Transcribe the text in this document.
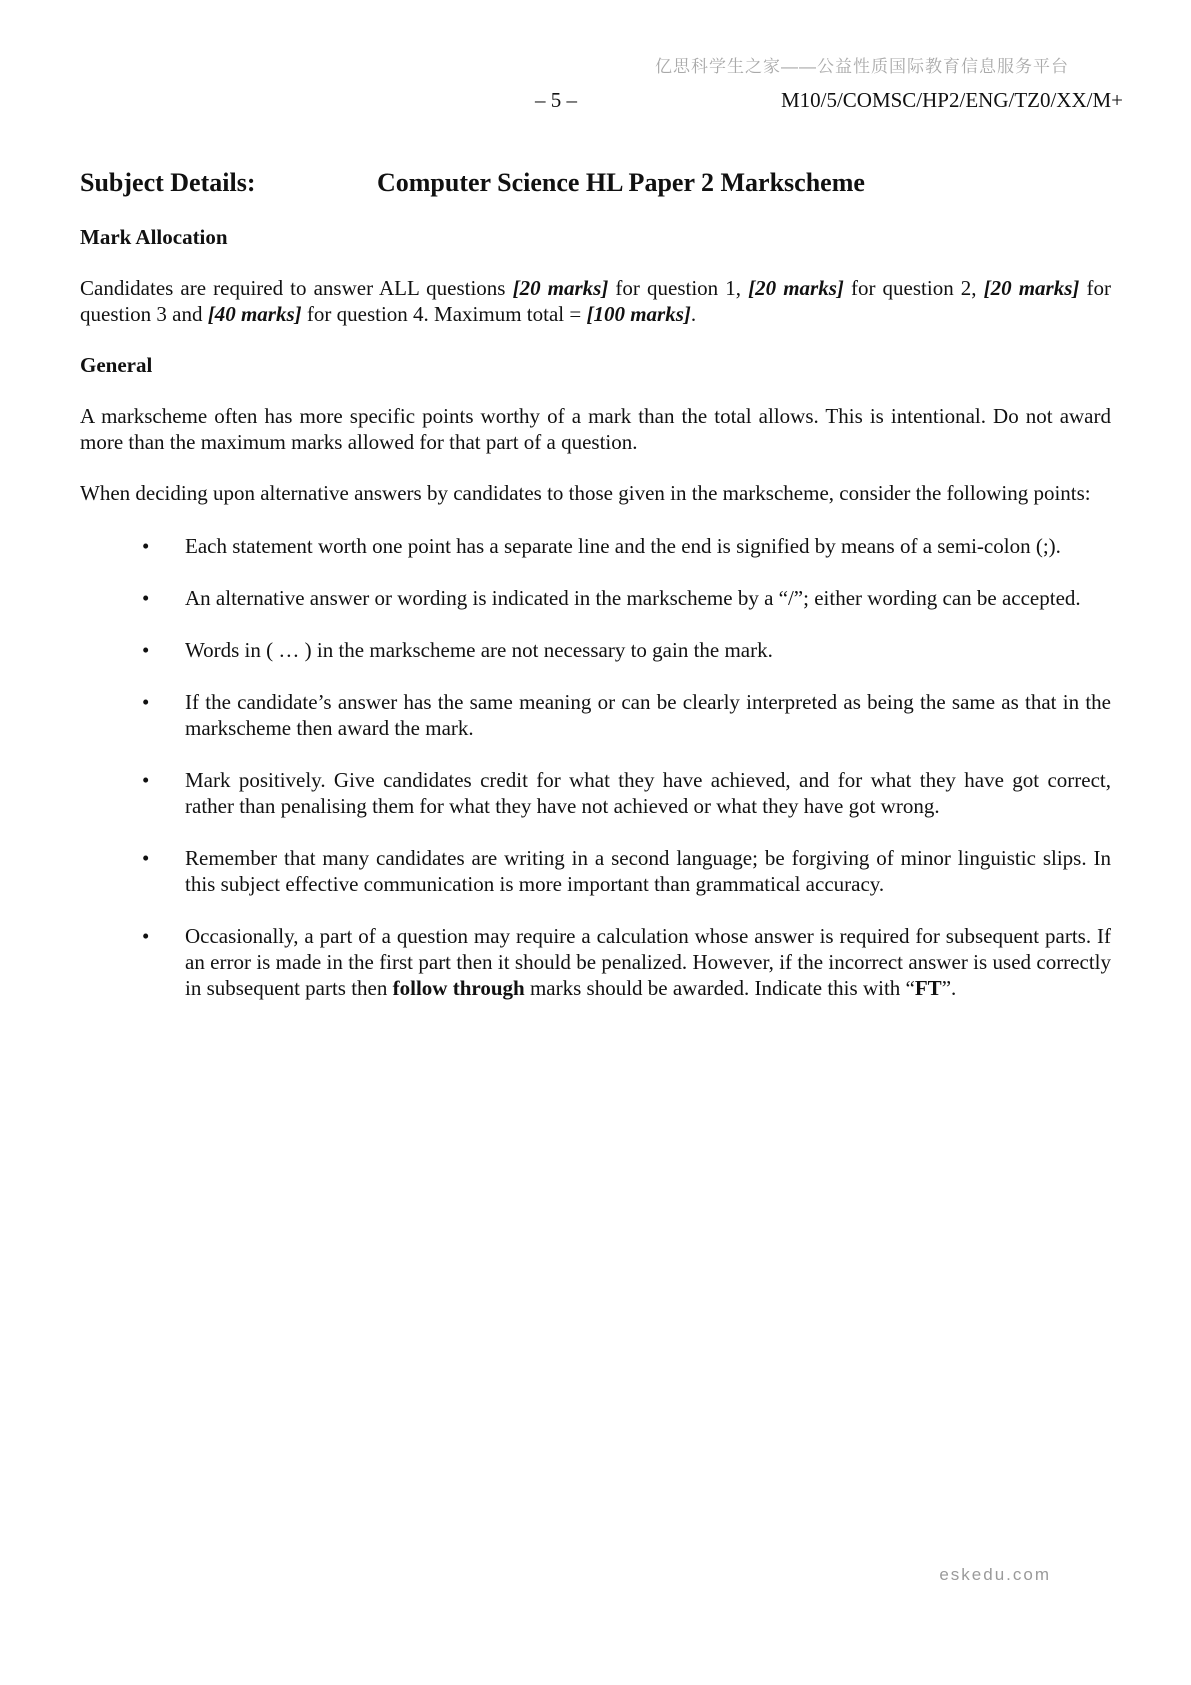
亿思科学生之家——公益性质国际教育信息服务平台
– 5 –	M10/5/COMSC/HP2/ENG/TZ0/XX/M+
Subject Details:	Computer Science HL Paper 2 Markscheme
Mark Allocation

Candidates are required to answer ALL questions [20 marks] for question 1, [20 marks] for question 2, [20 marks] for question 3 and [40 marks] for question 4. Maximum total = [100 marks].

General

A markscheme often has more specific points worthy of a mark than the total allows. This is intentional. Do not award more than the maximum marks allowed for that part of a question.

When deciding upon alternative answers by candidates to those given in the markscheme, consider the following points:

• Each statement worth one point has a separate line and the end is signified by means of a semi-colon (;).
• An alternative answer or wording is indicated in the markscheme by a “/”; either wording can be accepted.
• Words in ( … ) in the markscheme are not necessary to gain the mark.
• If the candidate’s answer has the same meaning or can be clearly interpreted as being the same as that in the markscheme then award the mark.
• Mark positively. Give candidates credit for what they have achieved, and for what they have got correct, rather than penalising them for what they have not achieved or what they have got wrong.
• Remember that many candidates are writing in a second language; be forgiving of minor linguistic slips. In this subject effective communication is more important than grammatical accuracy.
• Occasionally, a part of a question may require a calculation whose answer is required for subsequent parts. If an error is made in the first part then it should be penalized. However, if the incorrect answer is used correctly in subsequent parts then follow through marks should be awarded. Indicate this with “FT”.
eskedu.com
